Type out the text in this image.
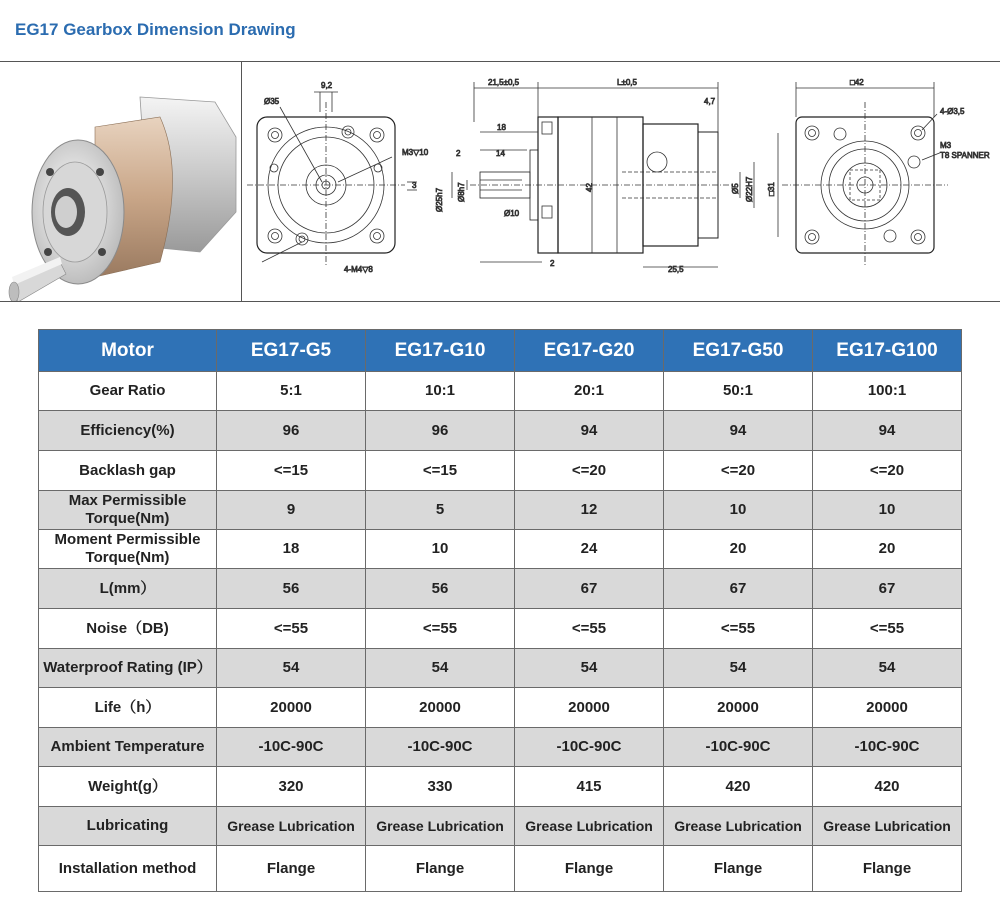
EG17 Gearbox Dimension Drawing
Ø35
9,2
M3▽10
3
4-M4▽8
21,5±0,5	L±0,5
4,7
18
2	14
Ø25h7 Ø8h7
Ø10
42	Ø5 Ø22H7
2
25,5
□42
4-Ø3,5
M3
T8 SPANNER
□31
Motor	EG17-G5	EG17-G10	EG17-G20	EG17-G50	EG17-G100
Gear Ratio	5:1	10:1	20:1	50:1	100:1
Efficiency(%)	96	96	94	94	94
Backlash gap	<=15	<=15	<=20	<=20	<=20
Max Permissible Torque(Nm)	9	5	12	10	10
Moment Permissible Torque(Nm)	18	10	24	20	20
L(mm）	56	56	67	67	67
Noise（DB)	<=55	<=55	<=55	<=55	<=55
Waterproof Rating (IP）	54	54	54	54	54
Life（h）	20000	20000	20000	20000	20000
Ambient Temperature	-10C-90C	-10C-90C	-10C-90C	-10C-90C	-10C-90C
Weight(g）	320	330	415	420	420
Lubricating	Grease Lubrication	Grease Lubrication	Grease Lubrication	Grease Lubrication	Grease Lubrication
Installation method	Flange	Flange	Flange	Flange	Flange
